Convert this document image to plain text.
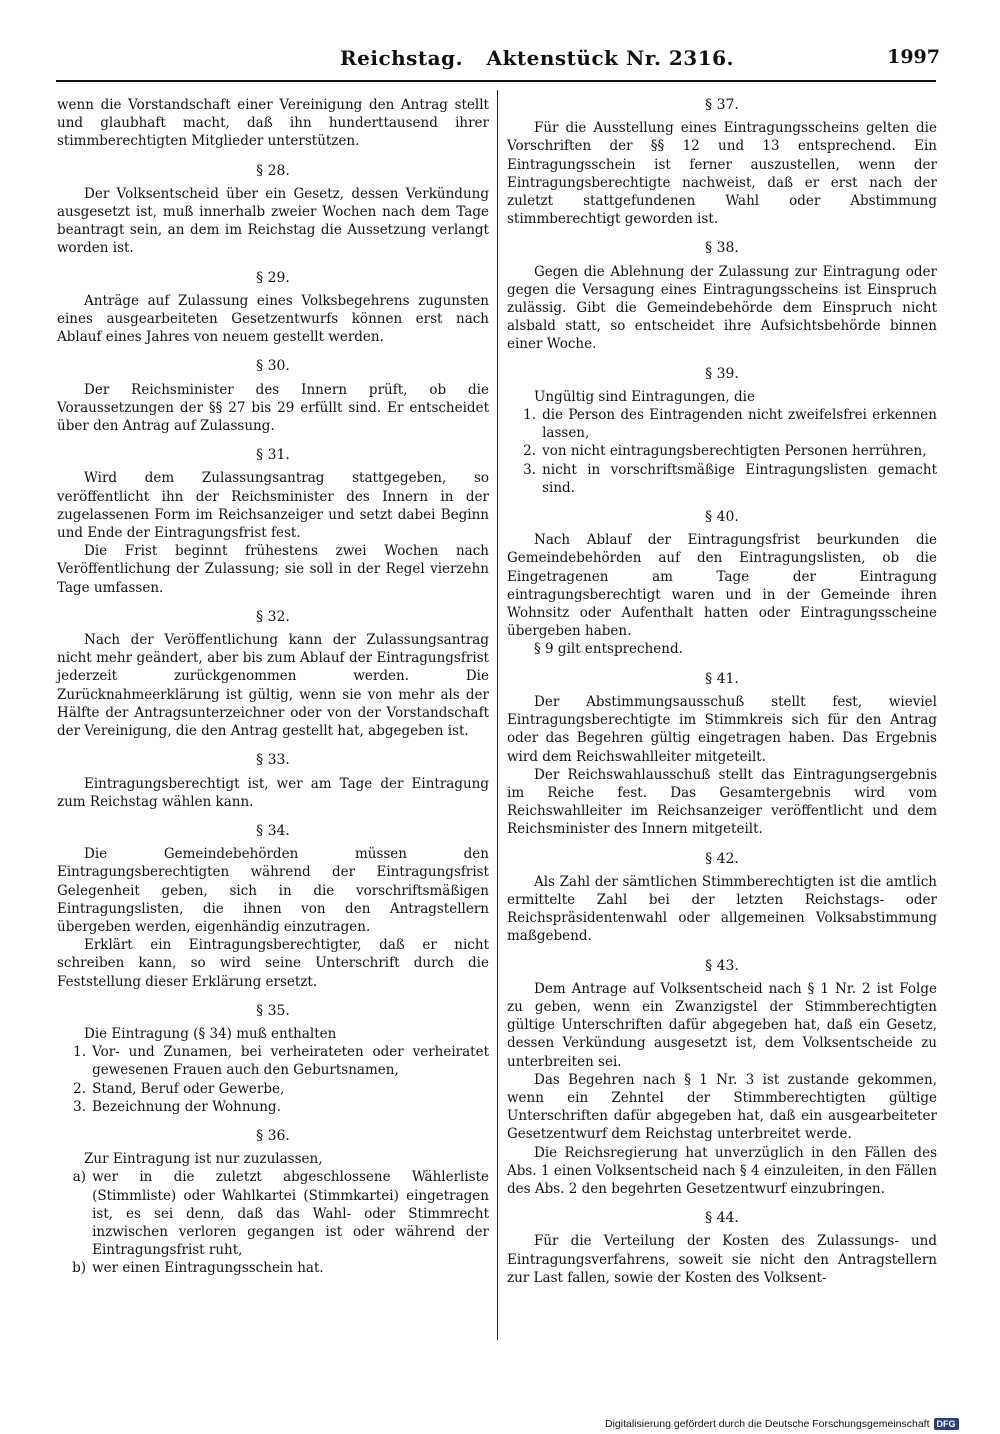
Reichstag. Aktenstück Nr. 2316.	1997

wenn die Vorstandschaft einer Vereinigung den Antrag stellt und glaubhaft macht, daß ihn hunderttausend ihrer stimmberechtigten Mitglieder unterstützen.

§ 28.

Der Volksentscheid über ein Gesetz, dessen Verkündung ausgesetzt ist, muß innerhalb zweier Wochen nach dem Tage beantragt sein, an dem im Reichstag die Aussetzung verlangt worden ist.

§ 29.

Anträge auf Zulassung eines Volksbegehrens zugunsten eines ausgearbeiteten Gesetzentwurfs können erst nach Ablauf eines Jahres von neuem gestellt werden.

§ 30.

Der Reichsminister des Innern prüft, ob die Voraussetzungen der §§ 27 bis 29 erfüllt sind. Er entscheidet über den Antrag auf Zulassung.

§ 31.

Wird dem Zulassungsantrag stattgegeben, so veröffentlicht ihn der Reichsminister des Innern in der zugelassenen Form im Reichsanzeiger und setzt dabei Beginn und Ende der Eintragungsfrist fest.

Die Frist beginnt frühestens zwei Wochen nach Veröffentlichung der Zulassung; sie soll in der Regel vierzehn Tage umfassen.

§ 32.

Nach der Veröffentlichung kann der Zulassungsantrag nicht mehr geändert, aber bis zum Ablauf der Eintragungsfrist jederzeit zurückgenommen werden. Die Zurücknahmeerklärung ist gültig, wenn sie von mehr als der Hälfte der Antragsunterzeichner oder von der Vorstandschaft der Vereinigung, die den Antrag gestellt hat, abgegeben ist.

§ 33.

Eintragungsberechtigt ist, wer am Tage der Eintragung zum Reichstag wählen kann.

§ 34.

Die Gemeindebehörden müssen den Eintragungsberechtigten während der Eintragungsfrist Gelegenheit geben, sich in die vorschriftsmäßigen Eintragungslisten, die ihnen von den Antragstellern übergeben werden, eigenhändig einzutragen.

Erklärt ein Eintragungsberechtigter, daß er nicht schreiben kann, so wird seine Unterschrift durch die Feststellung dieser Erklärung ersetzt.

§ 35.

Die Eintragung (§ 34) muß enthalten

1. Vor- und Zunamen, bei verheirateten oder verheiratet gewesenen Frauen auch den Geburtsnamen,
2. Stand, Beruf oder Gewerbe,
3. Bezeichnung der Wohnung.
§ 36.

Zur Eintragung ist nur zuzulassen,

a) wer in die zuletzt abgeschlossene Wählerliste (Stimmliste) oder Wahlkartei (Stimmkartei) eingetragen ist, es sei denn, daß das Wahl- oder Stimmrecht inzwischen verloren gegangen ist oder während der Eintragungsfrist ruht,
b) wer einen Eintragungsschein hat.
§ 37.

Für die Ausstellung eines Eintragungsscheins gelten die Vorschriften der §§ 12 und 13 entsprechend. Ein Eintragungsschein ist ferner auszustellen, wenn der Eintragungsberechtigte nachweist, daß er erst nach der zuletzt stattgefundenen Wahl oder Abstimmung stimmberechtigt geworden ist.

§ 38.

Gegen die Ablehnung der Zulassung zur Eintragung oder gegen die Versagung eines Eintragungsscheins ist Einspruch zulässig. Gibt die Gemeindebehörde dem Einspruch nicht alsbald statt, so entscheidet ihre Aufsichtsbehörde binnen einer Woche.

§ 39.

Ungültig sind Eintragungen, die

1. die Person des Eintragenden nicht zweifelsfrei erkennen lassen,
2. von nicht eintragungsberechtigten Personen herrühren,
3. nicht in vorschriftsmäßige Eintragungslisten gemacht sind.
§ 40.

Nach Ablauf der Eintragungsfrist beurkunden die Gemeindebehörden auf den Eintragungslisten, ob die Eingetragenen am Tage der Eintragung eintragungsberechtigt waren und in der Gemeinde ihren Wohnsitz oder Aufenthalt hatten oder Eintragungsscheine übergeben haben.

§ 9 gilt entsprechend.

§ 41.

Der Abstimmungsausschuß stellt fest, wieviel Eintragungsberechtigte im Stimmkreis sich für den Antrag oder das Begehren gültig eingetragen haben. Das Ergebnis wird dem Reichswahlleiter mitgeteilt.

Der Reichswahlausschuß stellt das Eintragungsergebnis im Reiche fest. Das Gesamtergebnis wird vom Reichswahlleiter im Reichsanzeiger veröffentlicht und dem Reichsminister des Innern mitgeteilt.

§ 42.

Als Zahl der sämtlichen Stimmberechtigten ist die amtlich ermittelte Zahl bei der letzten Reichstags- oder Reichspräsidentenwahl oder allgemeinen Volksabstimmung maßgebend.

§ 43.

Dem Antrage auf Volksentscheid nach § 1 Nr. 2 ist Folge zu geben, wenn ein Zwanzigstel der Stimmberechtigten gültige Unterschriften dafür abgegeben hat, daß ein Gesetz, dessen Verkündung ausgesetzt ist, dem Volksentscheide zu unterbreiten sei.

Das Begehren nach § 1 Nr. 3 ist zustande gekommen, wenn ein Zehntel der Stimmberechtigten gültige Unterschriften dafür abgegeben hat, daß ein ausgearbeiteter Gesetzentwurf dem Reichstag unterbreitet werde.

Die Reichsregierung hat unverzüglich in den Fällen des Abs. 1 einen Volksentscheid nach § 4 einzuleiten, in den Fällen des Abs. 2 den begehrten Gesetzentwurf einzubringen.

§ 44.

Für die Verteilung der Kosten des Zulassungs- und Eintragungsverfahrens, soweit sie nicht den Antragstellern zur Last fallen, sowie der Kosten des Volksent-

Digitalisierung gefördert durch die Deutsche Forschungsgemeinschaft DFG
